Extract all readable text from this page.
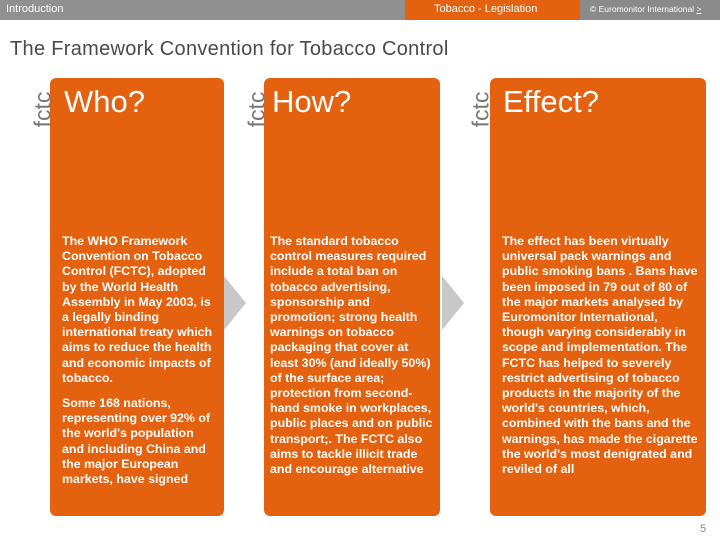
Introduction	Tobacco - Legislation	© Euromonitor International >
The Framework Convention for Tobacco Control

The WHO Framework Convention on Tobacco Control (FCTC), adopted by the World Health Assembly in May 2003, is a legally binding international treaty which aims to reduce the health and economic impacts of tobacco.

Some 168 nations, representing over 92% of the world's population and including China and the major European markets, have signed

fctc Who?

The standard tobacco control measures required include a total ban on tobacco advertising, sponsorship and promotion; strong health warnings on tobacco packaging that cover at least 30% (and ideally 50%) of the surface area; protection from second-hand smoke in workplaces, public places and on public transport;. The FCTC also aims to tackle illicit trade and encourage alternative

fctc How?

The effect has been virtually universal pack warnings and public smoking bans . Bans have been imposed in 79 out of 80 of the major markets analysed by Euromonitor International, though varying considerably in scope and implementation. The FCTC has helped to severely restrict advertising of tobacco products in the majority of the world's countries, which, combined with the bans and the warnings, has made the cigarette the world's most denigrated and reviled of all

fctc Effect?
5
